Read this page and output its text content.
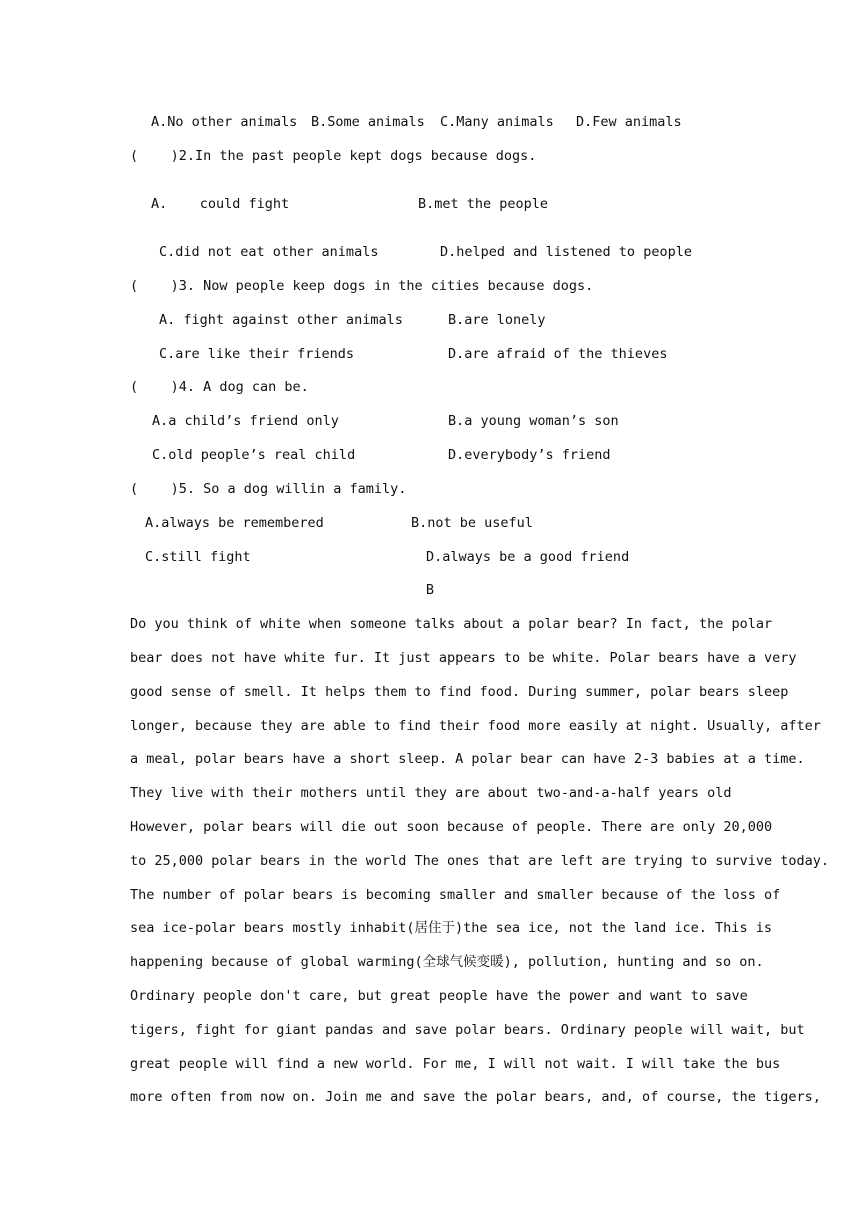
A.No other animals B.Some animals C.Many animals D.Few animals
(    )2.In the past people kept dogs because dogs.
A.    could fight	B.met the people
C.did not eat other animals	D.helped and listened to people
(    )3. Now people keep dogs in the cities because dogs.
A. fight against other animals	B.are lonely
C.are like their friends	D.are afraid of the thieves
(    )4. A dog can be.
A.a child’s friend only	B.a young woman’s son
C.old people’s real child	D.everybody’s friend
(    )5. So a dog willin a family.
A.always be remembered	B.not be useful
C.still fight	D.always be a good friend
B
Do you think of white when someone talks about a polar bear? In fact, the polar
bear does not have white fur. It just appears to be white. Polar bears have a very
good sense of smell. It helps them to find food. During summer, polar bears sleep
longer, because they are able to find their food more easily at night. Usually, after
a meal, polar bears have a short sleep. A polar bear can have 2-3 babies at a time.
They live with their mothers until they are about two-and-a-half years old
However, polar bears will die out soon because of people. There are only 20,000
to 25,000 polar bears in the world The ones that are left are trying to survive today.
The number of polar bears is becoming smaller and smaller because of the loss of
sea ice-polar bears mostly inhabit(居住于)the sea ice, not the land ice. This is
happening because of global warming(全球气候变暖), pollution, hunting and so on.
Ordinary people don't care, but great people have the power and want to save
tigers, fight for giant pandas and save polar bears. Ordinary people will wait, but
great people will find a new world. For me, I will not wait. I will take the bus
more often from now on. Join me and save the polar bears, and, of course, the tigers,
